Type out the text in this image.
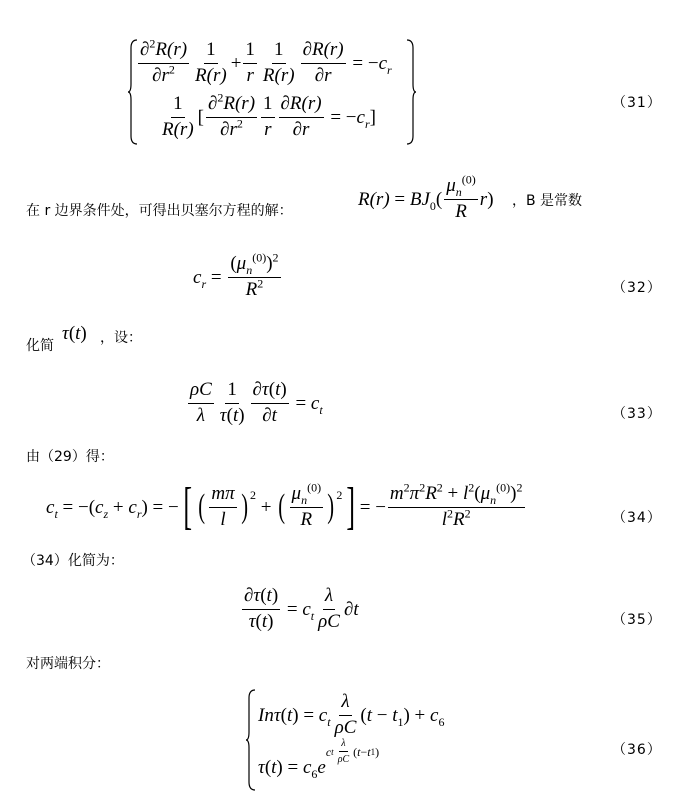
$\frac{\partial^2R(r)}{\partial r^2} \frac{1}{R(r)} + \frac{1}{r} \frac{1}{R(r)} \frac{\partial R(r)}{\partial r}$ = − $c_r$
$\frac{1}{R(r)}$ [ $\frac{\partial^2R(r)}{\partial r^2} \frac{1}{r} \frac{\partial R(r)}{\partial r}$ = − $c_r$ ]
（31）
在 r 边界条件处，可得出贝塞尔方程的解：
$R(r) = BJ_0$ ( $\frac{\mu_n^{(0)}}{R}$ r ) ，B 是常数
$c_r = \frac{(\mu_n^{(0)})^2}{R^2}$	（32）
化简
τ(t) ，设：
$\frac{\rho C}{\lambda} \frac{1}{\tau(t)} \frac{\partial\tau(t)}{\partial t} = c_t$	（33）
由（29）得：
$c_t$ = −( $c_z + c_r$ ) = − [ ( $\frac{m\pi}{l} )^2$
+ ( $\frac{\mu_n^{(0)}}{R} )^2$ ] = − $\frac{m^2\pi^2R^2 + l^2(\mu_n^{(0)})^2}{l^2R^2}$	（34）
（34）化简为：
$\frac{\partial\tau(t)}{\tau(t)} = c_t \frac{\lambda}{\rho C} \partial t$
（35）
对两端积分：
In $\tau(t) = c_t \frac{\lambda}{\rho C}$ ( $t - t_1$ ) + $c_6$
$\tau(t) = c_6$ e
c t $\frac{\lambda}{\rho C}$ ( t − t 1 )	（36）
